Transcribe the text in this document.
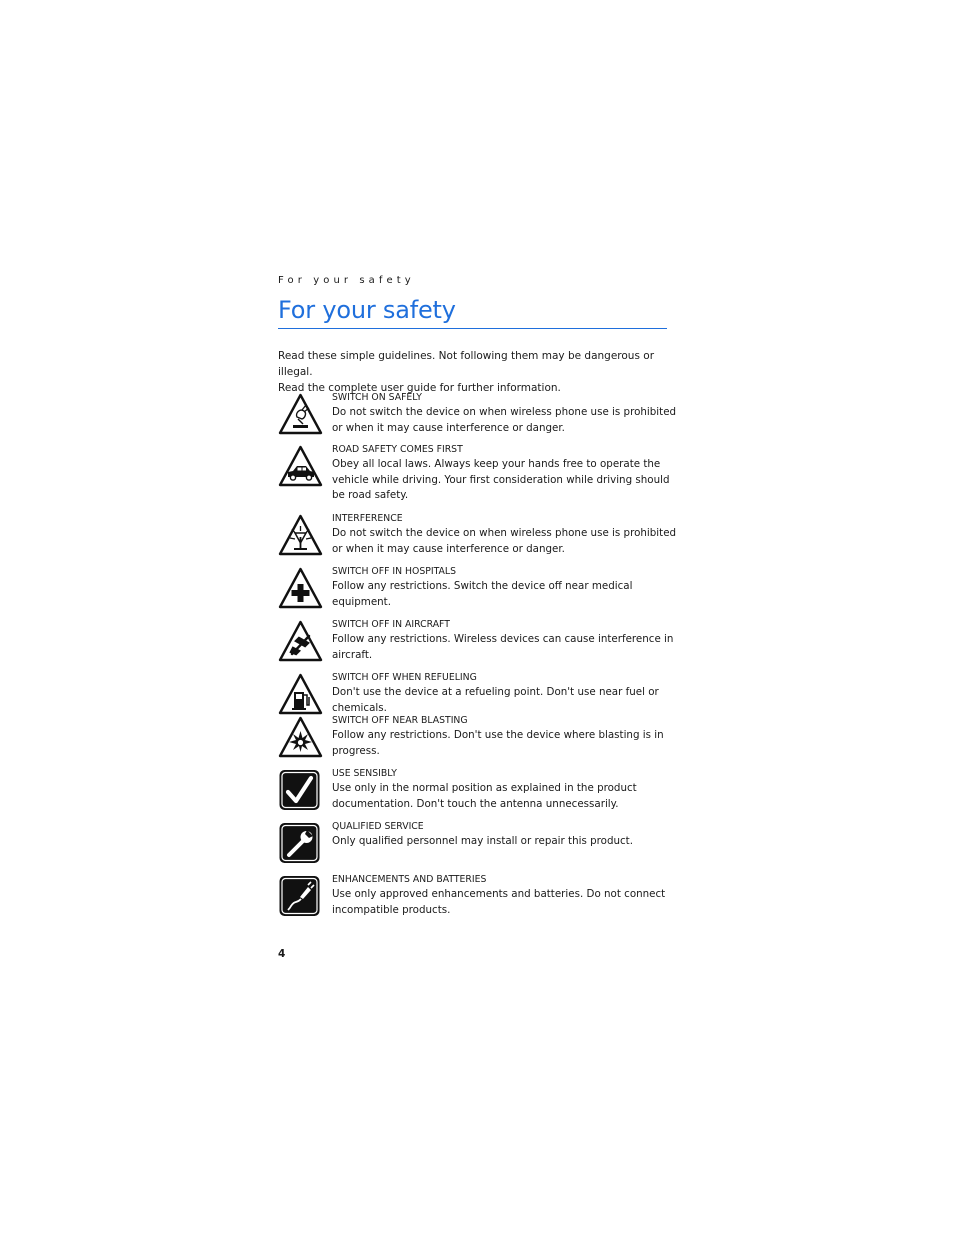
For your safety
For your safety

Read these simple guidelines. Not following them may be dangerous or illegal.

Read the complete user guide for further information.

SWITCH ON SAFELY
Do not switch the device on when wireless phone use is prohibited or when it may cause interference or danger.
ROAD SAFETY COMES FIRST
Obey all local laws. Always keep your hands free to operate the vehicle while driving. Your first consideration while driving should be road safety.
INTERFERENCE
Do not switch the device on when wireless phone use is prohibited or when it may cause interference or danger.
SWITCH OFF IN HOSPITALS
Follow any restrictions. Switch the device off near medical equipment.
SWITCH OFF IN AIRCRAFT
Follow any restrictions. Wireless devices can cause interference in aircraft.
SWITCH OFF WHEN REFUELING
Don't use the device at a refueling point. Don't use near fuel or chemicals.
SWITCH OFF NEAR BLASTING
Follow any restrictions. Don't use the device where blasting is in progress.
USE SENSIBLY
Use only in the normal position as explained in the product documentation. Don't touch the antenna unnecessarily.
QUALIFIED SERVICE
Only qualified personnel may install or repair this product.
ENHANCEMENTS AND BATTERIES
Use only approved enhancements and batteries. Do not connect incompatible products.
4
